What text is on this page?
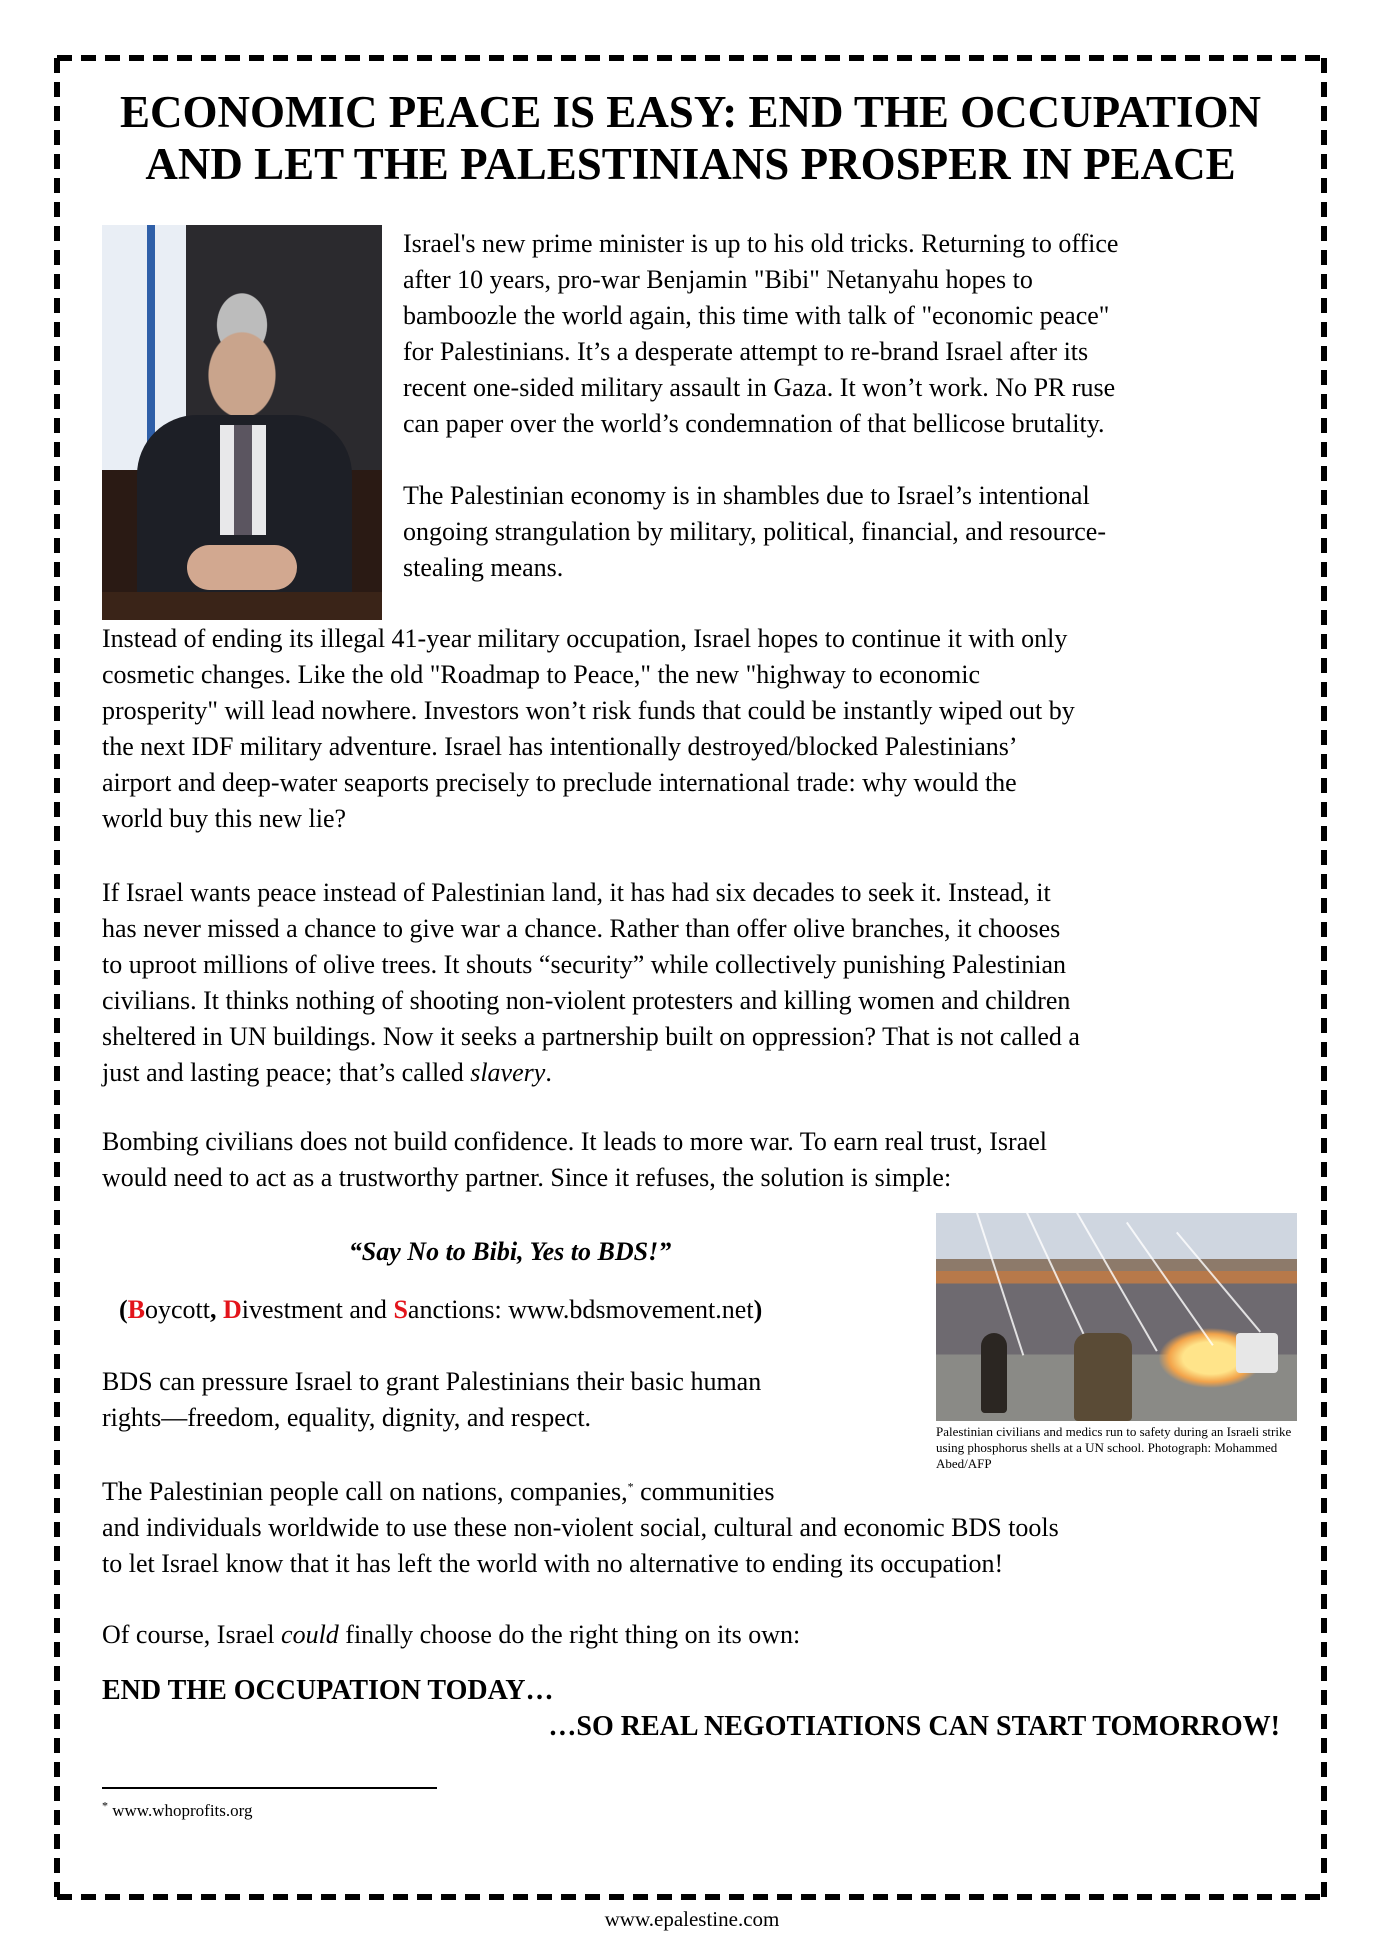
ECONOMIC PEACE IS EASY: END THE OCCUPATION
AND LET THE PALESTINIANS PROSPER IN PEACE
Israel's new prime minister is up to his old tricks. Returning to office
after 10 years, pro-war Benjamin "Bibi" Netanyahu hopes to
bamboozle the world again, this time with talk of "economic peace"
for Palestinians. It’s a desperate attempt to re-brand Israel after its
recent one-sided military assault in Gaza. It won’t work. No PR ruse
can paper over the world’s condemnation of that bellicose brutality.
The Palestinian economy is in shambles due to Israel’s intentional
ongoing strangulation by military, political, financial, and resource-
stealing means.
Instead of ending its illegal 41-year military occupation, Israel hopes to continue it with only
cosmetic changes. Like the old "Roadmap to Peace," the new "highway to economic
prosperity" will lead nowhere. Investors won’t risk funds that could be instantly wiped out by
the next IDF military adventure. Israel has intentionally destroyed/blocked Palestinians’
airport and deep-water seaports precisely to preclude international trade: why would the
world buy this new lie?
If Israel wants peace instead of Palestinian land, it has had six decades to seek it. Instead, it
has never missed a chance to give war a chance. Rather than offer olive branches, it chooses
to uproot millions of olive trees. It shouts “security” while collectively punishing Palestinian
civilians. It thinks nothing of shooting non-violent protesters and killing women and children
sheltered in UN buildings. Now it seeks a partnership built on oppression? That is not called a
just and lasting peace; that’s called slavery.
Bombing civilians does not build confidence. It leads to more war. To earn real trust, Israel
would need to act as a trustworthy partner. Since it refuses, the solution is simple:
“Say No to Bibi, Yes to BDS!”
(Boycott, Divestment and Sanctions: www.bdsmovement.net)
BDS can pressure Israel to grant Palestinians their basic human
rights—freedom, equality, dignity, and respect.	Palestinian civilians and medics run to safety during an Israeli strike using phosphorus shells at a UN school. Photograph: Mohammed Abed/AFP
The Palestinian people call on nations, companies,* communities
and individuals worldwide to use these non-violent social, cultural and economic BDS tools
to let Israel know that it has left the world with no alternative to ending its occupation!
Of course, Israel could finally choose do the right thing on its own:
END THE OCCUPATION TODAY…
…SO REAL NEGOTIATIONS CAN START TOMORROW!
* www.whoprofits.org
www.epalestine.com
